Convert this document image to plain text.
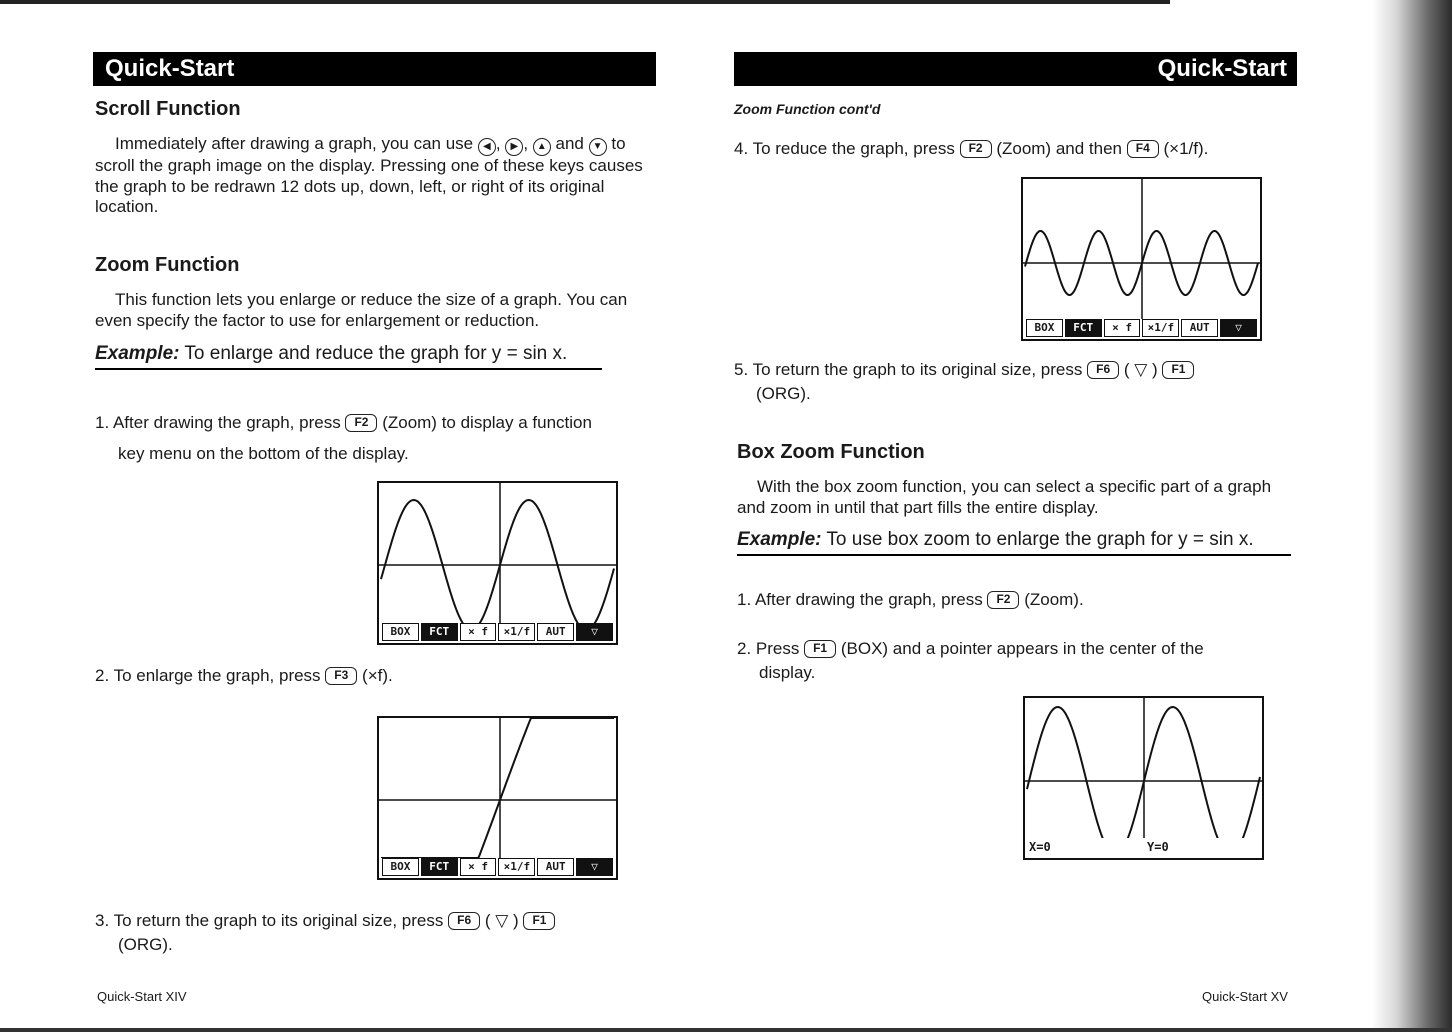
Quick-Start
Scroll Function
Immediately after drawing a graph, you can use ◀ , ▶ , ▲ and ▼ to scroll the graph image on the display. Pressing one of these keys causes the graph to be redrawn 12 dots up, down, left, or right of its original location.
Zoom Function
This function lets you enlarge or reduce the size of a graph. You can even specify the factor to use for enlargement or reduction.
Example: To enlarge and reduce the graph for y = sin x.
1. After drawing the graph, press F2 (Zoom) to display a function
key menu on the bottom of the display.
BOX	FCT	× f	×1/f	AUT	▽
2. To enlarge the graph, press F3 (×f).
BOX	FCT	× f	×1/f	AUT	▽
3. To return the graph to its original size, press F6 ( ▽ ) F1
(ORG).
Quick-Start XIV
Quick-Start
Zoom Function cont'd
4. To reduce the graph, press F2 (Zoom) and then F4 (×1/f).
BOX	FCT	× f	×1/f	AUT	▽
5. To return the graph to its original size, press F6 ( ▽ ) F1
(ORG).
Box Zoom Function
With the box zoom function, you can select a specific part of a graph and zoom in until that part fills the entire display.
Example: To use box zoom to enlarge the graph for y = sin x.
1. After drawing the graph, press F2 (Zoom).
2. Press F1 (BOX) and a pointer appears in the center of the
display.
X=0	Y=0
Quick-Start XV
